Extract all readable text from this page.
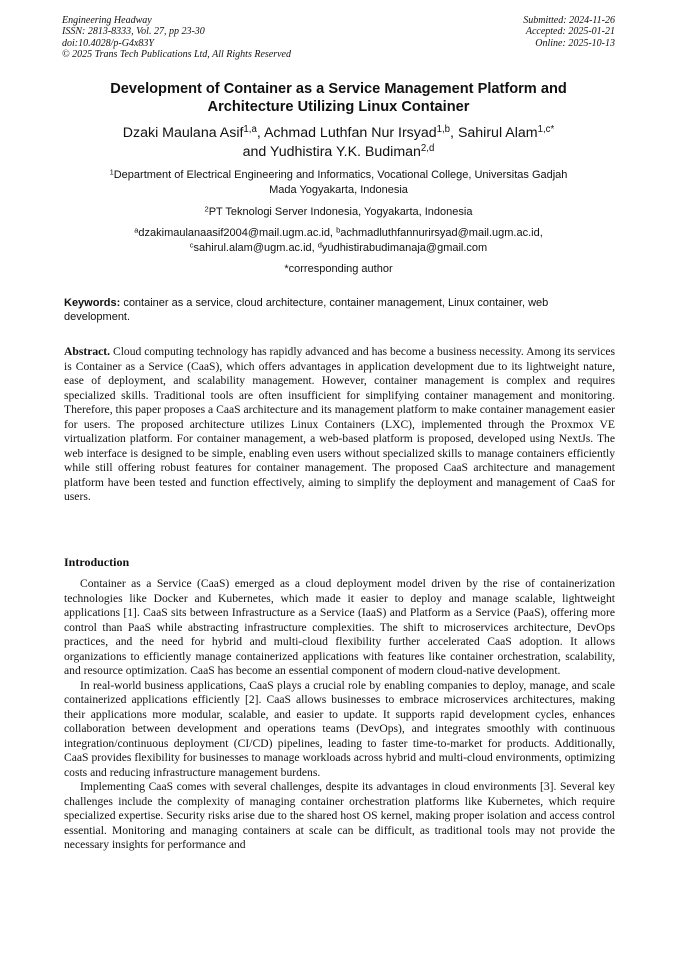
Engineering Headway
ISSN: 2813-8333, Vol. 27, pp 23-30
doi:10.4028/p-G4x83Y
© 2025 Trans Tech Publications Ltd, All Rights Reserved
Submitted: 2024-11-26
Accepted: 2025-01-21
Online: 2025-10-13
Development of Container as a Service Management Platform and
Architecture Utilizing Linux Container
Dzaki Maulana Asif$^{1,a}$, Achmad Luthfan Nur Irsyad$^{1,b}$, Sahirul Alam$^{1,c*}$
and Yudhistira Y.K. Budiman$^{2,d}$
$^1$Department of Electrical Engineering and Informatics, Vocational College, Universitas Gadjah
Mada Yogyakarta, Indonesia
$^2$PT Teknologi Server Indonesia, Yogyakarta, Indonesia
$^a$dzakimaulanaasif2004@mail.ugm.ac.id, $^b$achmadluthfannurirsyad@mail.ugm.ac.id,
$^c$sahirul.alam@ugm.ac.id, $^d$yudhistirabudimanaja@gmail.com
*corresponding author
Keywords: container as a service, cloud architecture, container management, Linux container, web development.
Abstract. Cloud computing technology has rapidly advanced and has become a business necessity. Among its services is Container as a Service (CaaS), which offers advantages in application development due to its lightweight nature, ease of deployment, and scalability management. However, container management is complex and requires specialized skills. Traditional tools are often insufficient for simplifying container management and monitoring. Therefore, this paper proposes a CaaS architecture and its management platform to make container management easier for users. The proposed architecture utilizes Linux Containers (LXC), implemented through the Proxmox VE virtualization platform. For container management, a web-based platform is proposed, developed using NextJs. The web interface is designed to be simple, enabling even users without specialized skills to manage containers efficiently while still offering robust features for container management. The proposed CaaS architecture and management platform have been tested and function effectively, aiming to simplify the deployment and management of CaaS for users.
Introduction

Container as a Service (CaaS) emerged as a cloud deployment model driven by the rise of containerization technologies like Docker and Kubernetes, which made it easier to deploy and manage scalable, lightweight applications [1]. CaaS sits between Infrastructure as a Service (IaaS) and Platform as a Service (PaaS), offering more control than PaaS while abstracting infrastructure complexities. The shift to microservices architecture, DevOps practices, and the need for hybrid and multi-cloud flexibility further accelerated CaaS adoption. It allows organizations to efficiently manage containerized applications with features like container orchestration, scalability, and resource optimization. CaaS has become an essential component of modern cloud-native development.

In real-world business applications, CaaS plays a crucial role by enabling companies to deploy, manage, and scale containerized applications efficiently [2]. CaaS allows businesses to embrace microservices architectures, making their applications more modular, scalable, and easier to update. It supports rapid development cycles, enhances collaboration between development and operations teams (DevOps), and integrates smoothly with continuous integration/continuous deployment (CI/CD) pipelines, leading to faster time-to-market for products. Additionally, CaaS provides flexibility for businesses to manage workloads across hybrid and multi-cloud environments, optimizing costs and reducing infrastructure management burdens.

Implementing CaaS comes with several challenges, despite its advantages in cloud environments [3]. Several key challenges include the complexity of managing container orchestration platforms like Kubernetes, which require specialized expertise. Security risks arise due to the shared host OS kernel, making proper isolation and access control essential. Monitoring and managing containers at scale can be difficult, as traditional tools may not provide the necessary insights for performance and
